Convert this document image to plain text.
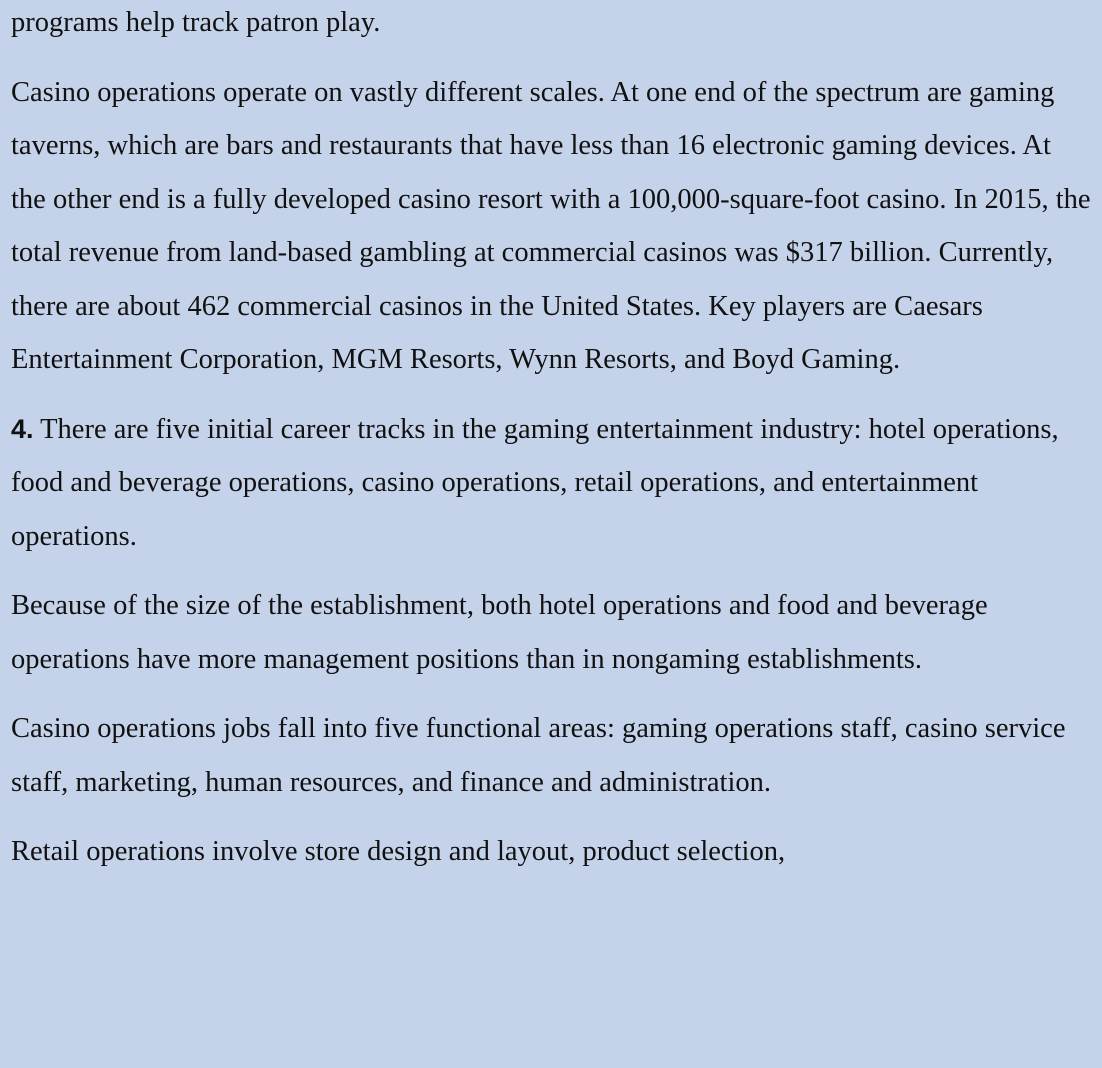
programs help track patron play.

Casino operations operate on vastly different scales. At one end of the spectrum are gaming taverns, which are bars and restaurants that have less than 16 electronic gaming devices. At the other end is a fully developed casino resort with a 100,000-square-foot casino. In 2015, the total revenue from land-based gambling at commercial casinos was $317 billion. Currently, there are about 462 commercial casinos in the United States. Key players are Caesars Entertainment Corporation, MGM Resorts, Wynn Resorts, and Boyd Gaming.

4. There are five initial career tracks in the gaming entertainment industry: hotel operations, food and beverage operations, casino operations, retail operations, and entertainment operations.

Because of the size of the establishment, both hotel operations and food and beverage operations have more management positions than in nongaming establishments.

Casino operations jobs fall into five functional areas: gaming operations staff, casino service staff, marketing, human resources, and finance and administration.

Retail operations involve store design and layout, product selection,
